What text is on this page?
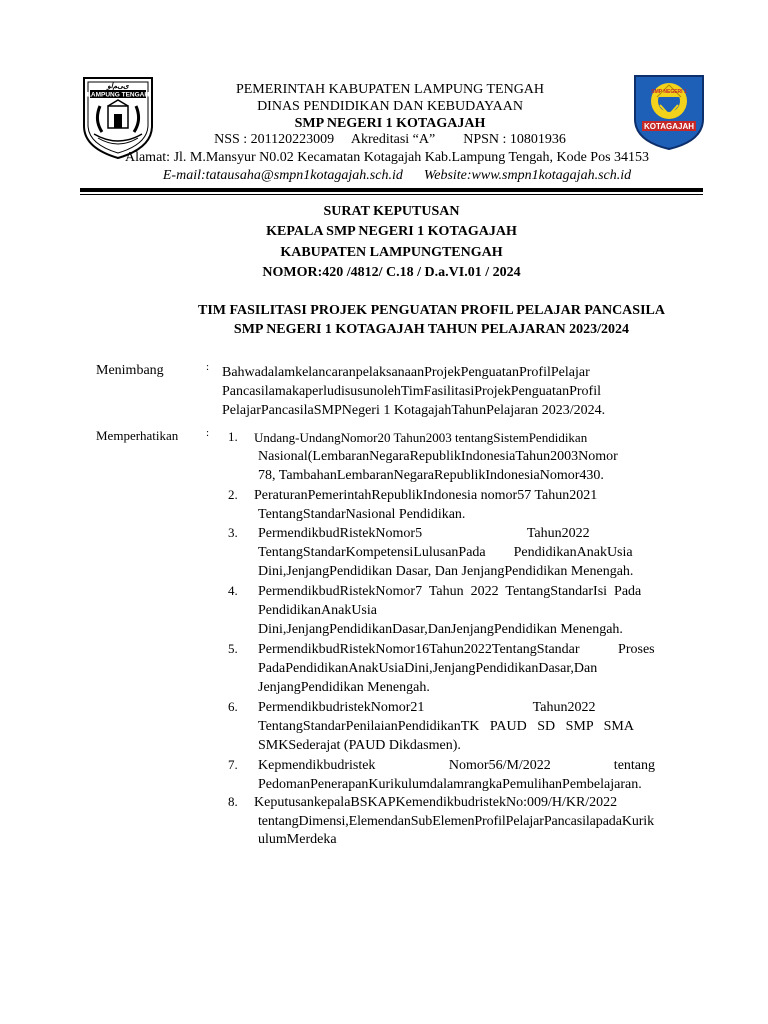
ﻯﻰﻢﺍﻮ
LAMPUNG TENGAH	SMP NEGERI 1
KOTAGAJAH
PEMERINTAH KABUPATEN LAMPUNG TENGAH
DINAS PENDIDIKAN DAN KEBUDAYAAN
SMP NEGERI 1 KOTAGAJAH
NSS : 201120223009     Akreditasi “A”        NPSN : 10801936
Alamat: Jl. M.Mansyur N0.02 Kecamatan Kotagajah Kab.Lampung Tengah, Kode Pos 34153
E-mail:tatausaha@smpn1kotagajah.sch.id      Website:www.smpn1kotagajah.sch.id
SURAT KEPUTUSAN
KEPALA SMP NEGERI 1 KOTAGAJAH
KABUPATEN LAMPUNGTENGAH
NOMOR:420 /4812/ C.18 / D.a.VI.01 / 2024
TIM FASILITASI PROJEK PENGUATAN PROFIL PELAJAR PANCASILA
SMP NEGERI 1 KOTAGAJAH TAHUN PELAJARAN 2023/2024
Menimbang	: BahwadalamkelancaranpelaksanaanProjekPenguatanProfilPelajar
PancasilamakaperludisusunolehTimFasilitasiProjekPenguatanProfil
PelajarPancasilaSMPNegeri 1 KotagajahTahunPelajaran 2023/2024.
Memperhatikan	: 1. Undang-UndangNomor20 Tahun2003 tentangSistemPendidikan
Nasional(LembaranNegaraRepublikIndonesiaTahun2003Nomor
78, TambahanLembaranNegaraRepublikIndonesiaNomor430.
2. PeraturanPemerintahRepublikIndonesia nomor57 Tahun2021
TentangStandarNasional Pendidikan.
3. PermendikbudRistekNomor5                              Tahun2022
TentangStandarKompetensiLulusanPada        PendidikanAnakUsia
Dini,JenjangPendidikan Dasar, Dan JenjangPendidikan Menengah.
4. PermendikbudRistekNomor7  Tahun  2022  TentangStandarIsi  Pada
PendidikanAnakUsia
Dini,JenjangPendidikanDasar,DanJenjangPendidikan Menengah.
5. PermendikbudRistekNomor16Tahun2022TentangStandar           Proses
PadaPendidikanAnakUsiaDini,JenjangPendidikanDasar,Dan
JenjangPendidikan Menengah.
6. PermendikbudristekNomor21                               Tahun2022
TentangStandarPenilaianPendidikanTK   PAUD   SD   SMP   SMA
SMKSederajat (PAUD Dikdasmen).
7. Kepmendikbudristek                     Nomor56/M/2022                  tentang
PedomanPenerapanKurikulumdalamrangkaPemulihanPembelajaran.
8. KeputusankepalaBSKAPKemendikbudristekNo:009/H/KR/2022
tentangDimensi,ElemendanSubElemenProfilPelajarPancasilapadaKurik
ulumMerdeka
